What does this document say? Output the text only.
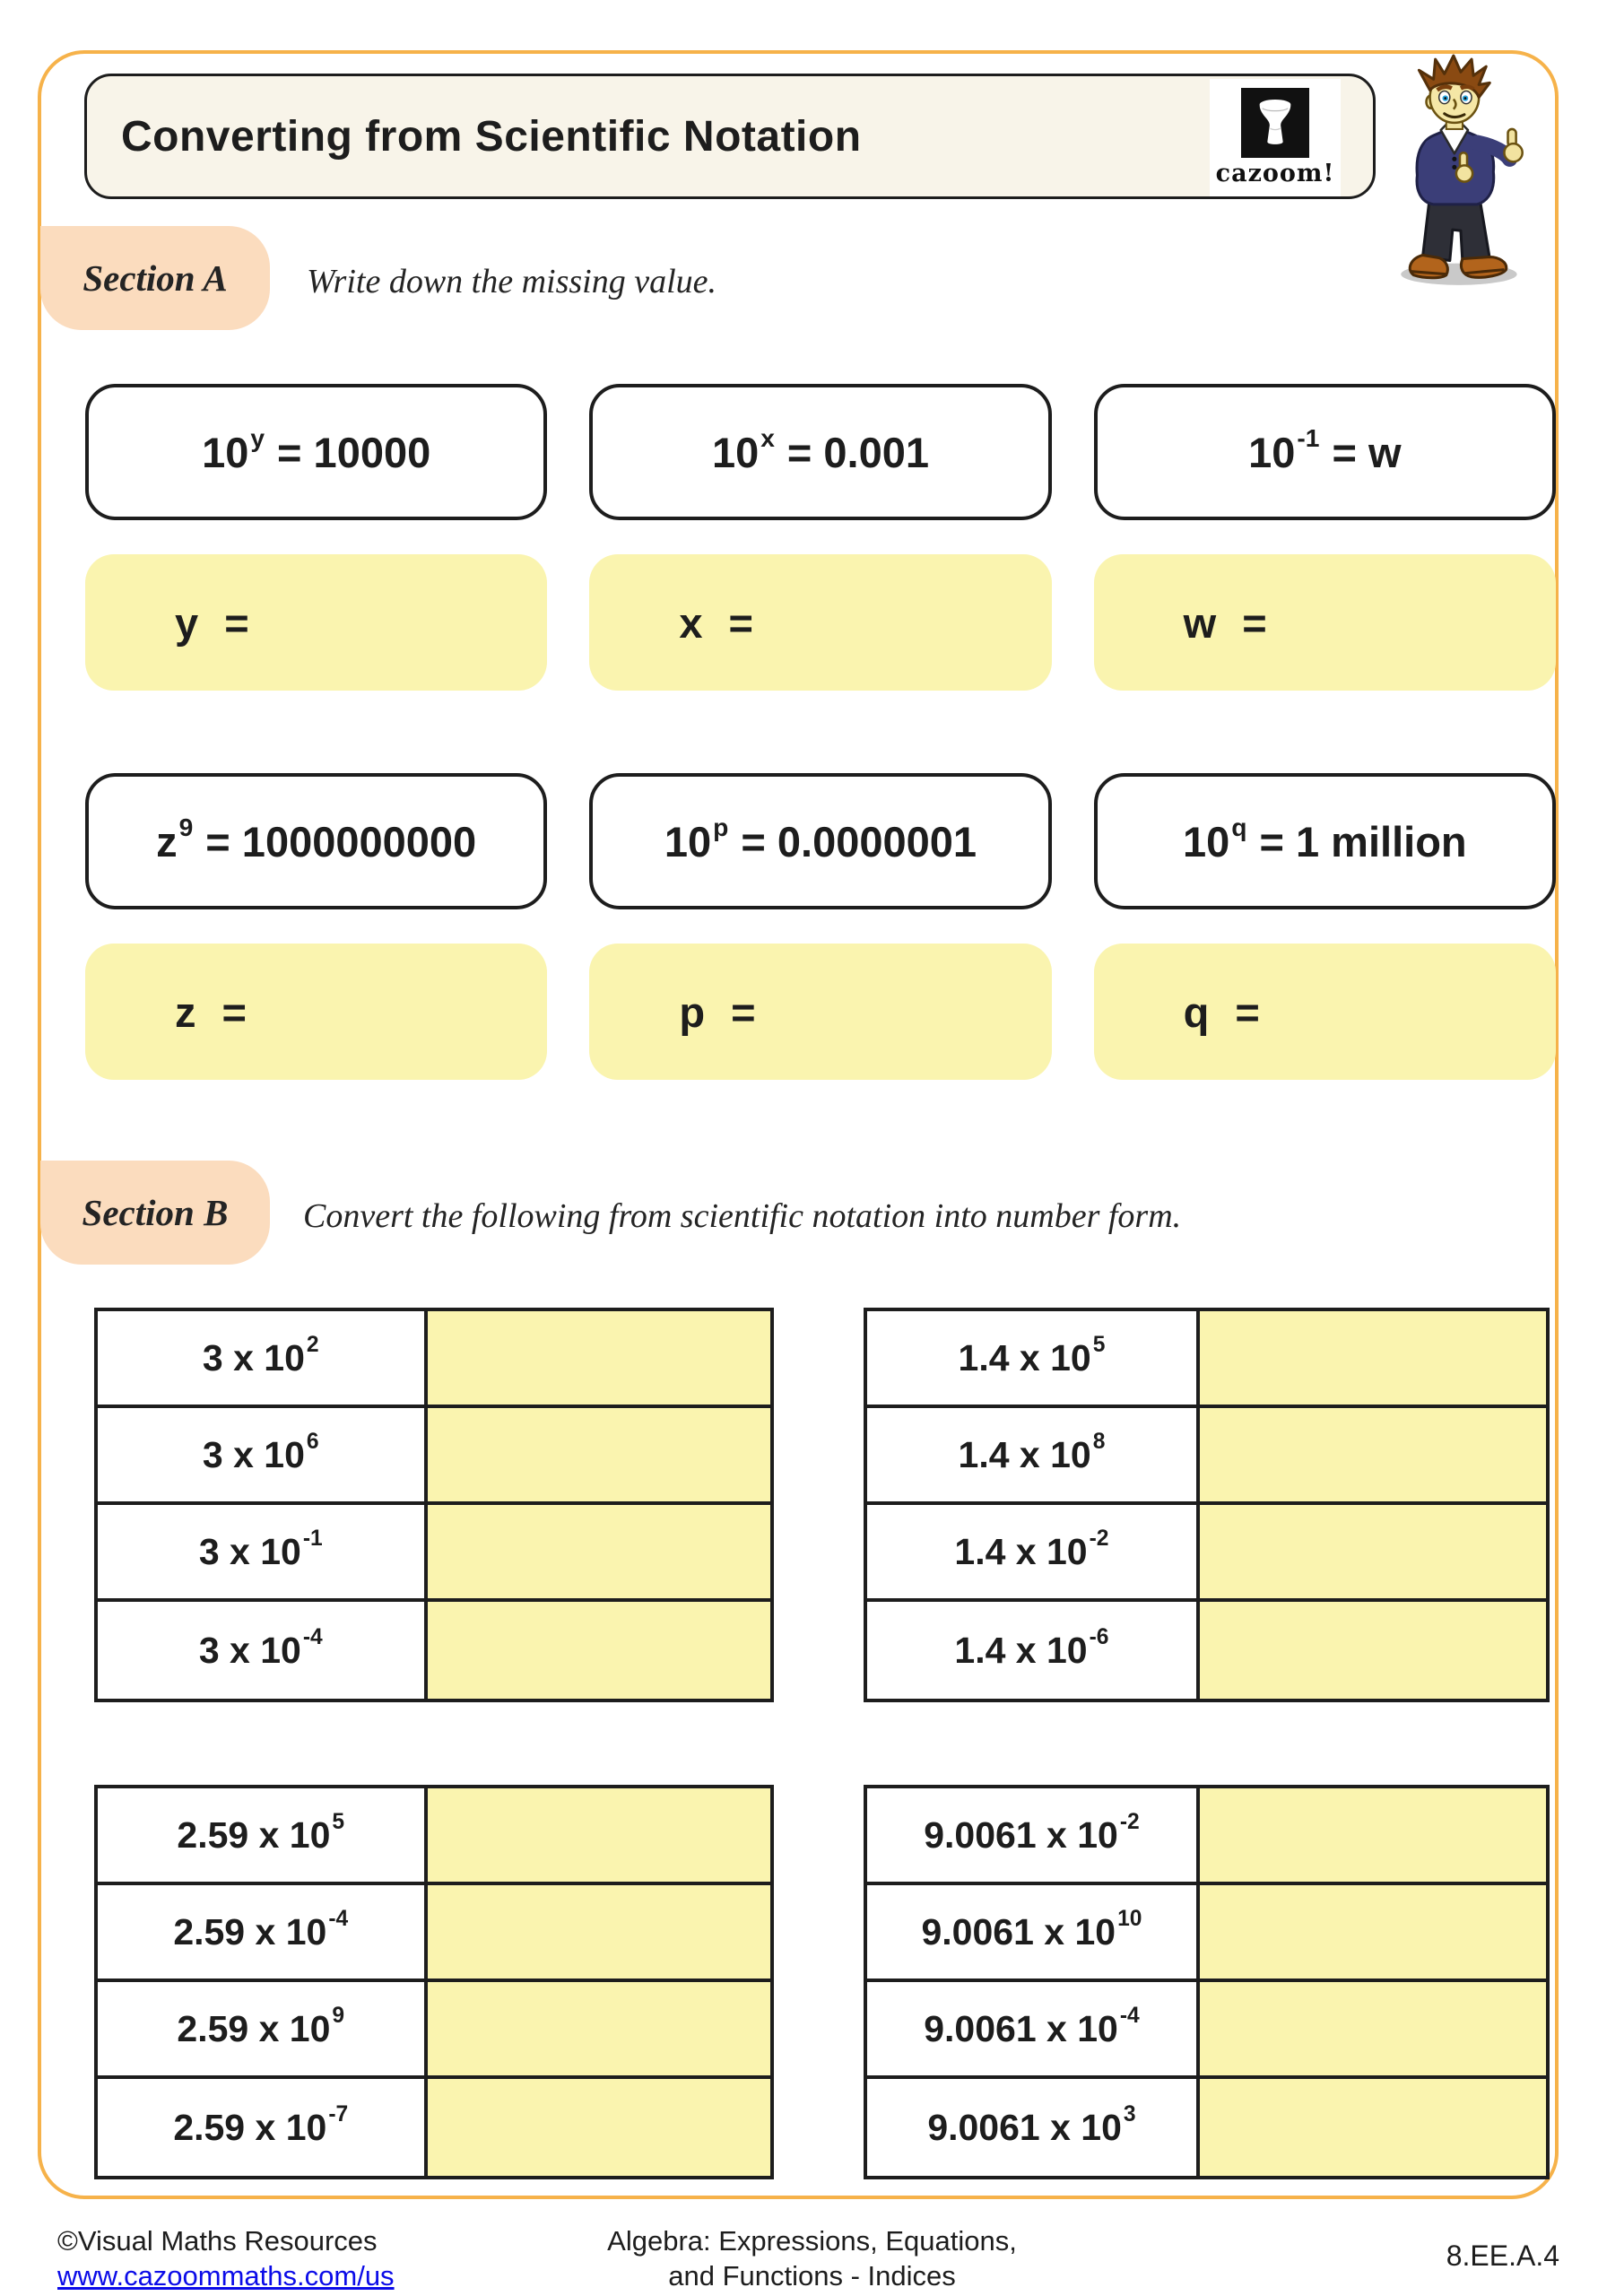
Converting from Scientific Notation
cazoom!
Section A Write down the missing value.
$10^y = 10000$	$10^x = 0.001$	$10^{-1} = w$
y =	x =	w =
$z^9 = 1000000000$	$10^p = 0.0000001$	$10^q = 1$ million
z =	p =	q =
Section B Convert the following from scientific notation into number form.
3 x $10^2$
3 x $10^6$
3 x $10^{-1}$
3 x $10^{-4}$
1.4 x $10^5$
1.4 x $10^8$
1.4 x $10^{-2}$
1.4 x $10^{-6}$
2.59 x $10^5$
2.59 x $10^{-4}$
2.59 x $10^9$
2.59 x $10^{-7}$
9.0061 x $10^{-2}$
9.0061 x $10^{10}$
9.0061 x $10^{-4}$
9.0061 x $10^3$
©Visual Maths Resources
www.cazoommaths.com/us
Algebra: Expressions, Equations,
and Functions - Indices
8.EE.A.4
